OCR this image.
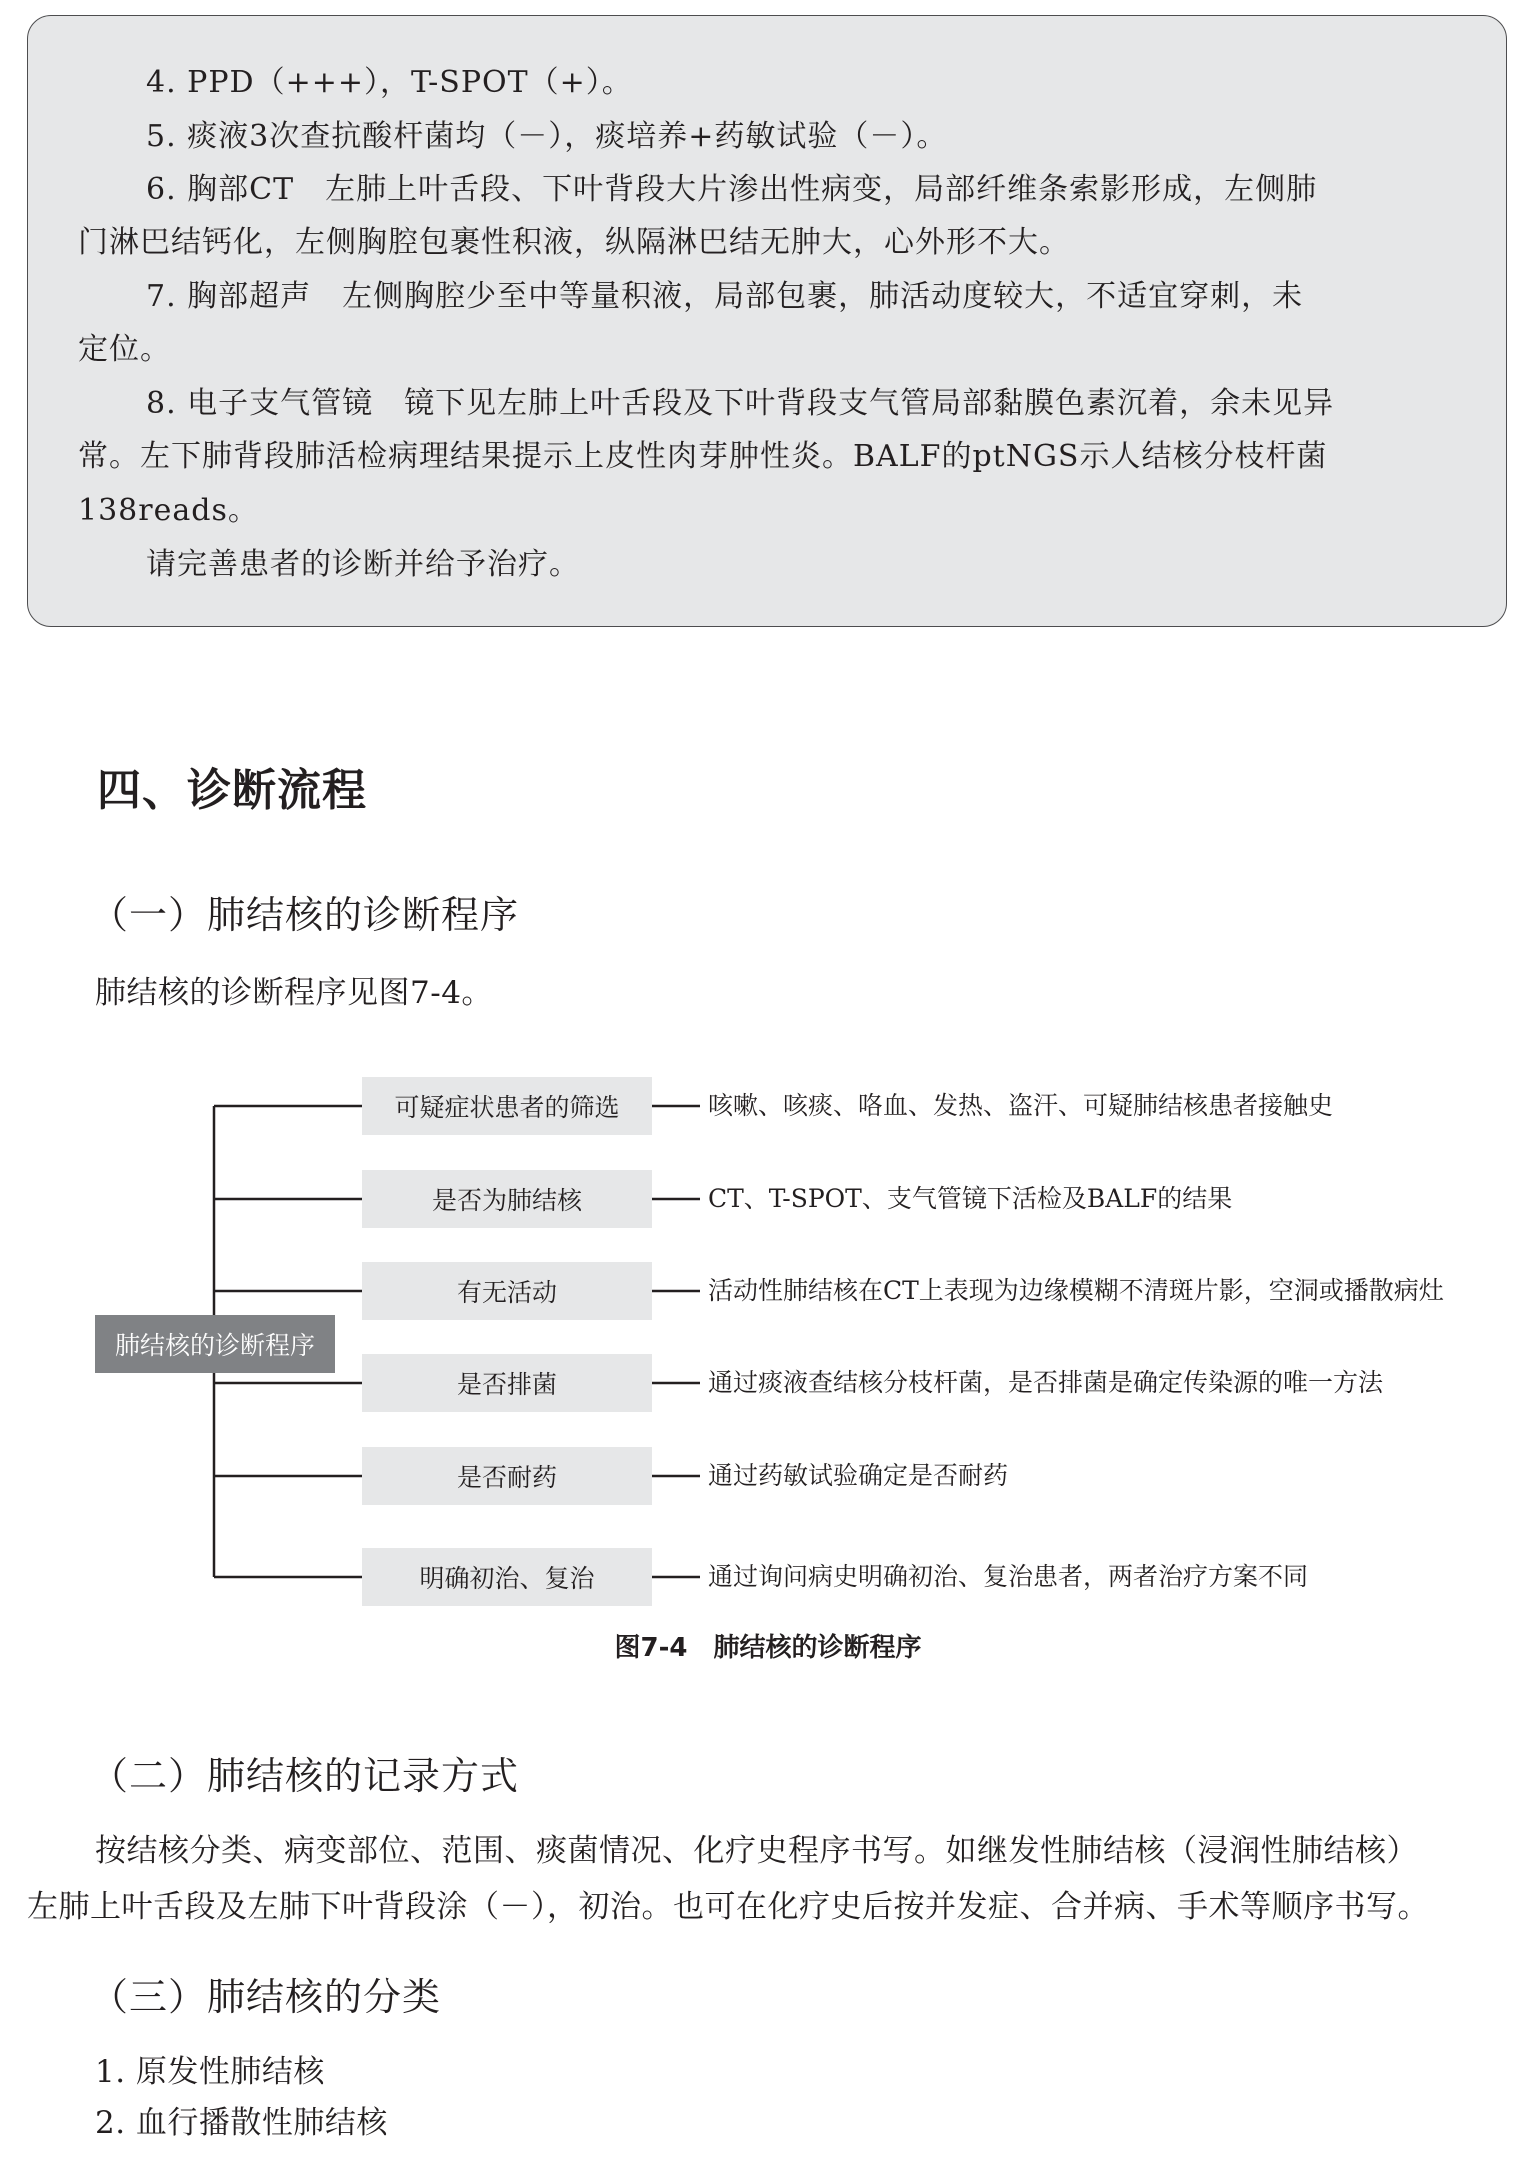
4. PPD（+++），T-SPOT（+）。
5. 痰液3次查抗酸杆菌均（－），痰培养+药敏试验（－）。
6. 胸部CT　左肺上叶舌段、下叶背段大片渗出性病变，局部纤维条索影形成，左侧肺
门淋巴结钙化，左侧胸腔包裹性积液，纵隔淋巴结无肿大，心外形不大。
7. 胸部超声　左侧胸腔少至中等量积液，局部包裹，肺活动度较大，不适宜穿刺，未
定位。
8. 电子支气管镜　镜下见左肺上叶舌段及下叶背段支气管局部黏膜色素沉着，余未见异
常。左下肺背段肺活检病理结果提示上皮性肉芽肿性炎。BALF的ptNGS示人结核分枝杆菌
138reads。
请完善患者的诊断并给予治疗。
四、诊断流程
（一）肺结核的诊断程序
肺结核的诊断程序见图7-4。
肺结核的诊断程序
可疑症状患者的筛选
是否为肺结核
有无活动
是否排菌
是否耐药
明确初治、复治
咳嗽、咳痰、咯血、发热、盗汗、可疑肺结核患者接触史
CT、T-SPOT、支气管镜下活检及BALF的结果
活动性肺结核在CT上表现为边缘模糊不清斑片影，空洞或播散病灶
通过痰液查结核分枝杆菌，是否排菌是确定传染源的唯一方法
通过药敏试验确定是否耐药
通过询问病史明确初治、复治患者，两者治疗方案不同
图7-4　肺结核的诊断程序
（二）肺结核的记录方式
按结核分类、病变部位、范围、痰菌情况、化疗史程序书写。如继发性肺结核（浸润性肺结核）
左肺上叶舌段及左肺下叶背段涂（－），初治。也可在化疗史后按并发症、合并病、手术等顺序书写。
（三）肺结核的分类
1. 原发性肺结核
2. 血行播散性肺结核
